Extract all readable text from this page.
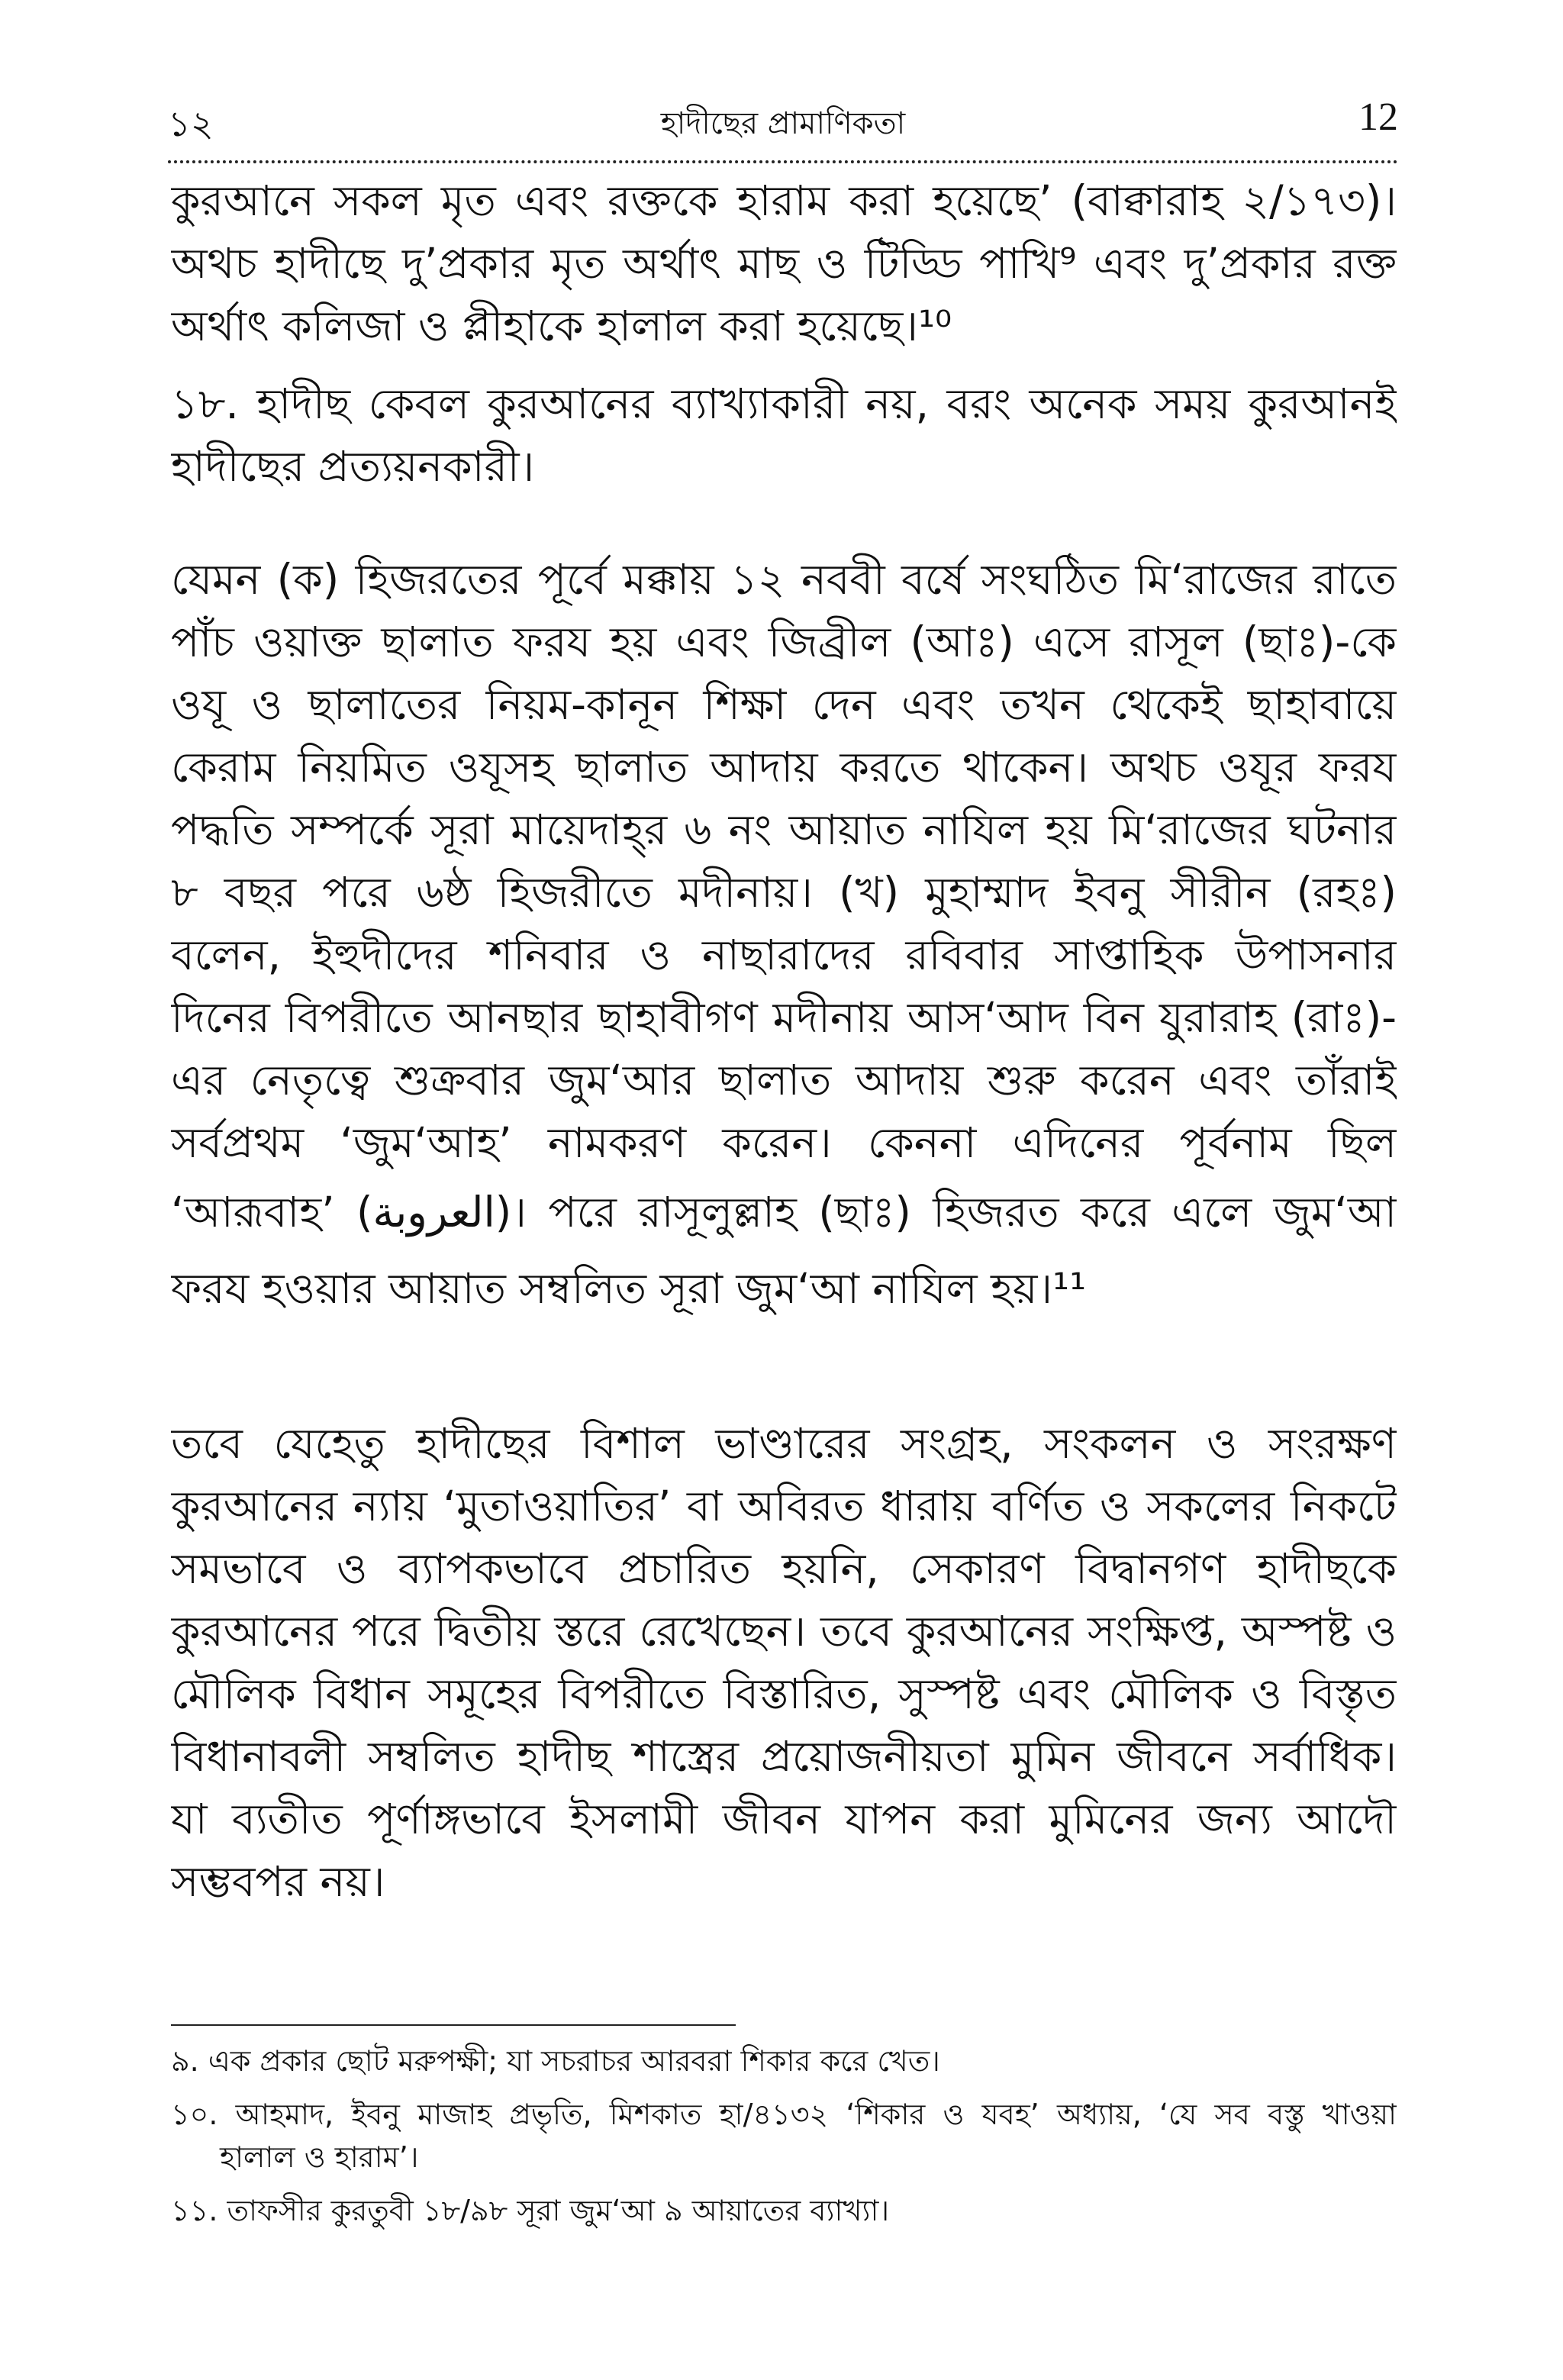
১২	হাদীছের প্রামাণিকতা	12
কুরআনে সকল মৃত এবং রক্তকে হারাম করা হয়েছে’ (বাক্বারাহ ২/১৭৩)।
অথচ হাদীছে দু’প্রকার মৃত অর্থাৎ মাছ ও টিড্ডি পাখি⁹ এবং দু’প্রকার রক্ত
অর্থাৎ কলিজা ও প্লীহাকে হালাল করা হয়েছে।¹⁰
১৮. হাদীছ কেবল কুরআনের ব্যাখ্যাকারী নয়, বরং অনেক সময় কুরআনই
হাদীছের প্রত্যয়নকারী।
যেমন (ক) হিজরতের পূর্বে মক্কায় ১২ নববী বর্ষে সংঘঠিত মি‘রাজের রাতে
পাঁচ ওয়াক্ত ছালাত ফরয হয় এবং জিব্রীল (আঃ) এসে রাসূল (ছাঃ)-কে
ওযূ ও ছালাতের নিয়ম-কানূন শিক্ষা দেন এবং তখন থেকেই ছাহাবায়ে
কেরাম নিয়মিত ওযূসহ ছালাত আদায় করতে থাকেন। অথচ ওযূর ফরয
পদ্ধতি সম্পর্কে সূরা মায়েদাহ্‌র ৬ নং আয়াত নাযিল হয় মি‘রাজের ঘটনার
৮ বছর পরে ৬ষ্ঠ হিজরীতে মদীনায়। (খ) মুহাম্মাদ ইবনু সীরীন (রহঃ)
বলেন, ইহুদীদের শনিবার ও নাছারাদের রবিবার সাপ্তাহিক উপাসনার
দিনের বিপরীতে আনছার ছাহাবীগণ মদীনায় আস‘আদ বিন যুরারাহ (রাঃ)-
এর নেতৃত্বে শুক্রবার জুম‘আর ছালাত আদায় শুরু করেন এবং তাঁরাই
সর্বপ্রথম ‘জুম‘আহ’ নামকরণ করেন। কেননা এদিনের পূর্বনাম ছিল
‘আরূবাহ’ (العروبة)। পরে রাসূলুল্লাহ (ছাঃ) হিজরত করে এলে জুম‘আ
ফরয হওয়ার আয়াত সম্বলিত সূরা জুম‘আ নাযিল হয়।¹¹
তবে যেহেতু হাদীছের বিশাল ভাণ্ডারের সংগ্রহ, সংকলন ও সংরক্ষণ
কুরআনের ন্যায় ‘মুতাওয়াতির’ বা অবিরত ধারায় বর্ণিত ও সকলের নিকটে
সমভাবে ও ব্যাপকভাবে প্রচারিত হয়নি, সেকারণ বিদ্বানগণ হাদীছকে
কুরআনের পরে দ্বিতীয় স্তরে রেখেছেন। তবে কুরআনের সংক্ষিপ্ত, অস্পষ্ট ও
মৌলিক বিধান সমূহের বিপরীতে বিস্তারিত, সুস্পষ্ট এবং মৌলিক ও বিস্তৃত
বিধানাবলী সম্বলিত হাদীছ শাস্ত্রের প্রয়োজনীয়তা মুমিন জীবনে সর্বাধিক।
যা ব্যতীত পূর্ণাঙ্গভাবে ইসলামী জীবন যাপন করা মুমিনের জন্য আদৌ
সম্ভবপর নয়।
৯. এক প্রকার ছোট মরুপক্ষী; যা সচরাচর আরবরা শিকার করে খেত।
১০. আহমাদ, ইবনু মাজাহ প্রভৃতি, মিশকাত হা/৪১৩২ ‘শিকার ও যবহ’ অধ্যায়, ‘যে সব বস্তু খাওয়া
হালাল ও হারাম’।
১১. তাফসীর কুরতুবী ১৮/৯৮ সূরা জুম‘আ ৯ আয়াতের ব্যাখ্যা।
